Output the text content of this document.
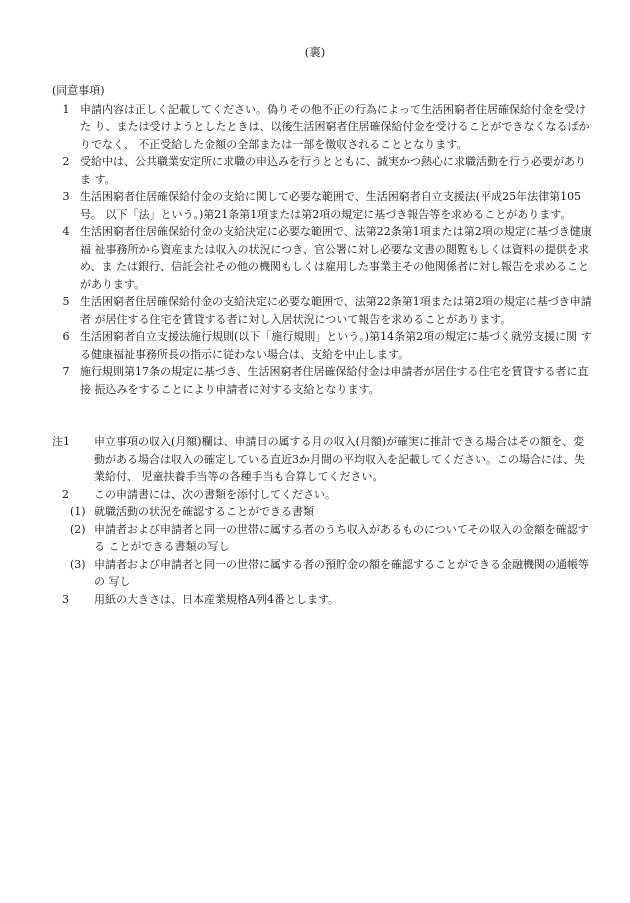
(裏)
(同意事項)
1 申請内容は正しく記載してください。偽りその他不正の行為によって生活困窮者住居確保給付金を受けた り、または受けようとしたときは、以後生活困窮者住居確保給付金を受けることができなくなるばかりでなく、 不正受給した金額の全部または一部を徴収されることとなります。
2 受給中は、公共職業安定所に求職の申込みを行うとともに、誠実かつ熱心に求職活動を行う必要がありま す。
3 生活困窮者住居確保給付金の支給に関して必要な範囲で、生活困窮者自立支援法(平成25年法律第105号。 以下「法」という。)第21条第1項または第2項の規定に基づき報告等を求めることがあります。
4 生活困窮者住居確保給付金の支給決定に必要な範囲で、法第22条第1項または第2項の規定に基づき健康福 祉事務所から資産または収入の状況につき、官公署に対し必要な文書の閲覧もしくは資料の提供を求め、ま たは銀行、信託会社その他の機関もしくは雇用した事業主その他関係者に対し報告を求めることがあります。
5 生活困窮者住居確保給付金の支給決定に必要な範囲で、法第22条第1項または第2項の規定に基づき申請者 が居住する住宅を賃貸する者に対し入居状況について報告を求めることがあります。
6 生活困窮者自立支援法施行規則(以下「施行規則」という。)第14条第2項の規定に基づく就労支援に関 する健康福祉事務所長の指示に従わない場合は、支給を中止します。
7 施行規則第17条の規定に基づき、生活困窮者住居確保給付金は申請者が居住する住宅を賃貸する者に直接 振込みをすることにより申請者に対する支給となります。
注1	申立事項の収入(月額)欄は、申請日の属する月の収入(月額)が確実に推計できる場合はその額を、変 動がある場合は収入の確定している直近3か月間の平均収入を記載してください。この場合には、失業給付、 児童扶養手当等の各種手当も合算してください。
2	この申請書には、次の書類を添付してください。
(1) 就職活動の状況を確認することができる書類
(2) 申請者および申請者と同一の世帯に属する者のうち収入があるものについてその収入の金額を確認する ことができる書類の写し
(3) 申請者および申請者と同一の世帯に属する者の預貯金の額を確認することができる金融機関の通帳等の 写し
3	用紙の大きさは、日本産業規格A列4番とします。
